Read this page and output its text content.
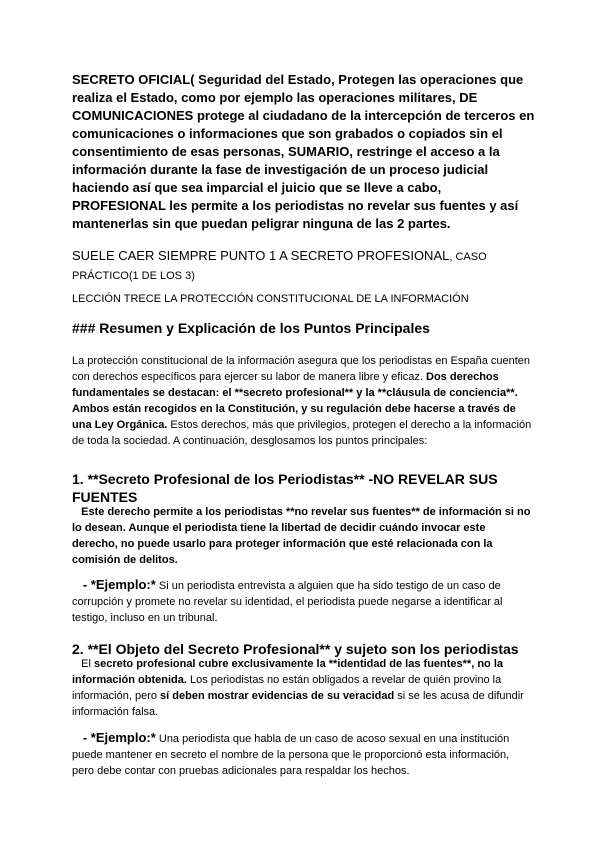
SECRETO OFICIAL( Seguridad del Estado, Protegen las operaciones que realiza el Estado, como por ejemplo las operaciones militares, DE COMUNICACIONES protege al ciudadano de la intercepción de terceros en comunicaciones o informaciones que son grabados o copiados sin el consentimiento de esas personas, SUMARIO, restringe el acceso a la información durante la fase de investigación de un proceso judicial haciendo así que sea imparcial el juicio que se lleve a cabo, PROFESIONAL les permite a los periodistas no revelar sus fuentes y así mantenerlas sin que puedan peligrar ninguna de las 2 partes.

SUELE CAER SIEMPRE PUNTO 1 A SECRETO PROFESIONAL, CASO PRÁCTICO(1 DE LOS 3)

LECCIÓN TRECE LA PROTECCIÓN CONSTITUCIONAL DE LA INFORMACIÓN

### Resumen y Explicación de los Puntos Principales

La protección constitucional de la información asegura que los periodistas en España cuenten con derechos específicos para ejercer su labor de manera libre y eficaz. Dos derechos fundamentales se destacan: el **secreto profesional** y la **cláusula de conciencia**. Ambos están recogidos en la Constitución, y su regulación debe hacerse a través de una Ley Orgánica. Estos derechos, más que privilegios, protegen el derecho a la información de toda la sociedad. A continuación, desglosamos los puntos principales:

1. **Secreto Profesional de los Periodistas** -NO REVELAR SUS FUENTES

Este derecho permite a los periodistas **no revelar sus fuentes** de información si no lo desean. Aunque el periodista tiene la libertad de decidir cuándo invocar este derecho, no puede usarlo para proteger información que esté relacionada con la comisión de delitos.

- *Ejemplo:* Si un periodista entrevista a alguien que ha sido testigo de un caso de corrupción y promete no revelar su identidad, el periodista puede negarse a identificar al testigo, incluso en un tribunal.

2. **El Objeto del Secreto Profesional** y sujeto son los periodistas

El secreto profesional cubre exclusivamente la **identidad de las fuentes**, no la información obtenida. Los periodistas no están obligados a revelar de quién provino la información, pero sí deben mostrar evidencias de su veracidad si se les acusa de difundir información falsa.

- *Ejemplo:* Una periodista que habla de un caso de acoso sexual en una institución puede mantener en secreto el nombre de la persona que le proporcionó esta información, pero debe contar con pruebas adicionales para respaldar los hechos.
